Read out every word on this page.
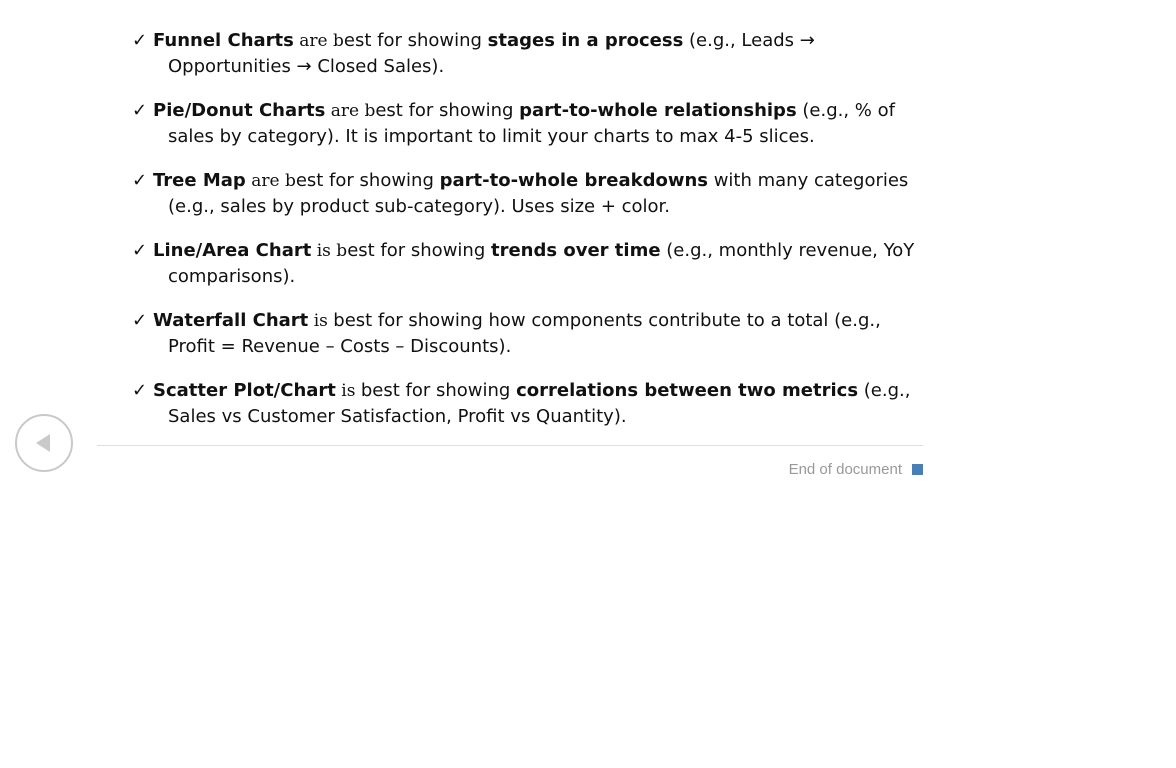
✓ Funnel Charts are best for showing stages in a process (e.g., Leads → Opportunities → Closed Sales).
✓ Pie/Donut Charts are best for showing part-to-whole relationships (e.g., % of sales by category). It is important to limit your charts to max 4-5 slices.
✓ Tree Map are best for showing part-to-whole breakdowns with many categories (e.g., sales by product sub-category). Uses size + color.
✓ Line/Area Chart is best for showing trends over time (e.g., monthly revenue, YoY comparisons).
✓ Waterfall Chart is best for showing how components contribute to a total (e.g., Profit = Revenue – Costs – Discounts).
✓ Scatter Plot/Chart is best for showing correlations between two metrics (e.g., Sales vs Customer Satisfaction, Profit vs Quantity).
End of document
